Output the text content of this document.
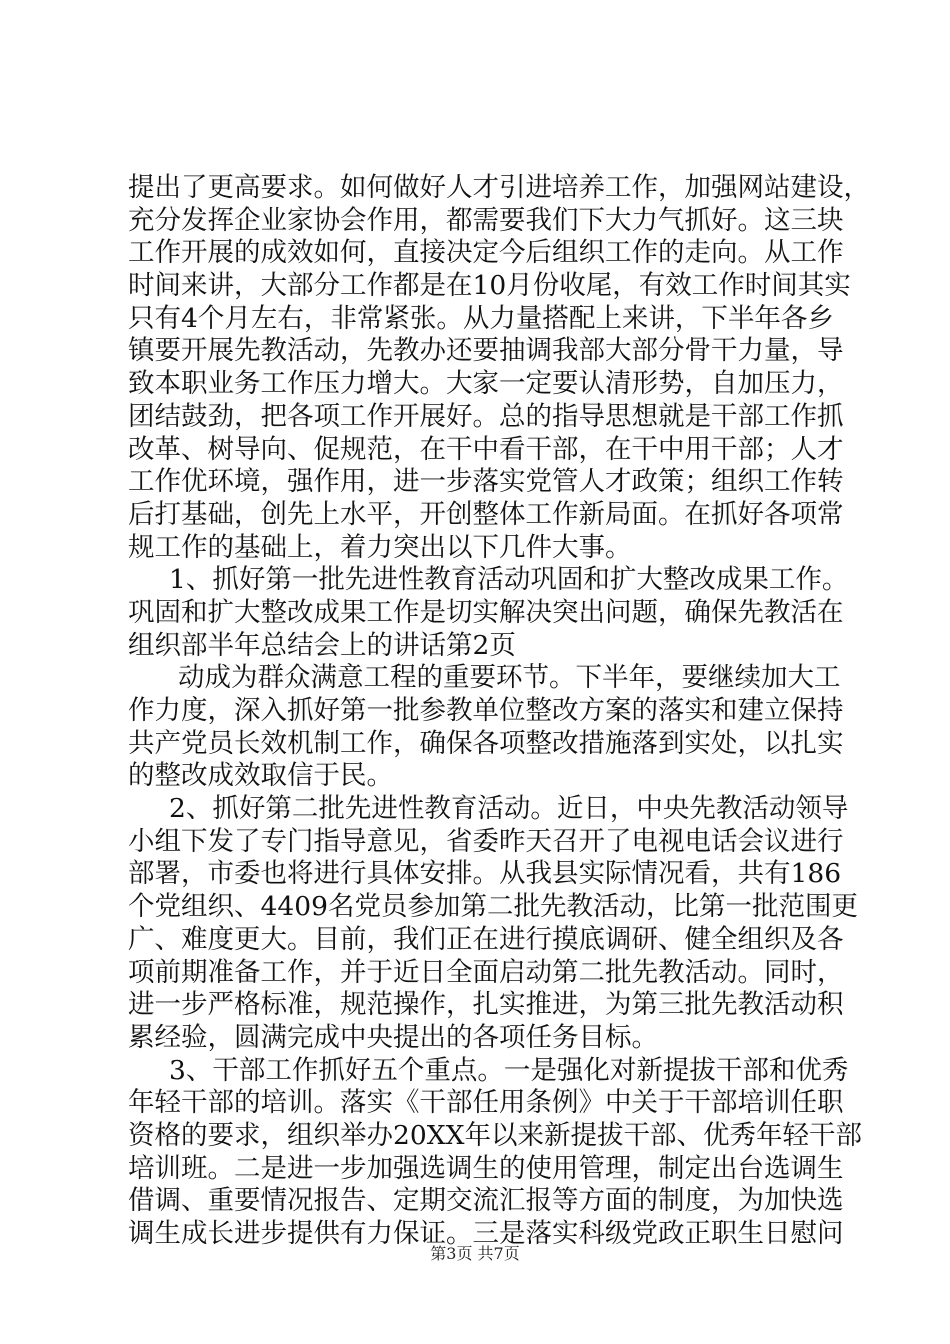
提出了更高要求。如何做好人才引进培养工作，加强网站建设，
充分发挥企业家协会作用，都需要我们下大力气抓好。这三块
工作开展的成效如何，直接决定今后组织工作的走向。从工作
时间来讲，大部分工作都是在10月份收尾，有效工作时间其实
只有4个月左右，非常紧张。从力量搭配上来讲，下半年各乡
镇要开展先教活动，先教办还要抽调我部大部分骨干力量，导
致本职业务工作压力增大。大家一定要认清形势，自加压力，
团结鼓劲，把各项工作开展好。总的指导思想就是干部工作抓
改革、树导向、促规范，在干中看干部，在干中用干部；人才
工作优环境，强作用，进一步落实党管人才政策；组织工作转
后打基础，创先上水平，开创整体工作新局面。在抓好各项常
规工作的基础上，着力突出以下几件大事。
1、抓好第一批先进性教育活动巩固和扩大整改成果工作。
巩固和扩大整改成果工作是切实解决突出问题，确保先教活在
组织部半年总结会上的讲话第2页
动成为群众满意工程的重要环节。下半年，要继续加大工
作力度，深入抓好第一批参教单位整改方案的落实和建立保持
共产党员长效机制工作，确保各项整改措施落到实处，以扎实
的整改成效取信于民。
2、抓好第二批先进性教育活动。近日，中央先教活动领导
小组下发了专门指导意见，省委昨天召开了电视电话会议进行
部署，市委也将进行具体安排。从我县实际情况看，共有186
个党组织、4409名党员参加第二批先教活动，比第一批范围更
广、难度更大。目前，我们正在进行摸底调研、健全组织及各
项前期准备工作，并于近日全面启动第二批先教活动。同时，
进一步严格标准，规范操作，扎实推进，为第三批先教活动积
累经验，圆满完成中央提出的各项任务目标。
3、干部工作抓好五个重点。一是强化对新提拔干部和优秀
年轻干部的培训。落实《干部任用条例》中关于干部培训任职
资格的要求，组织举办20XX年以来新提拔干部、优秀年轻干部
培训班。二是进一步加强选调生的使用管理，制定出台选调生
借调、重要情况报告、定期交流汇报等方面的制度，为加快选
调生成长进步提供有力保证。三是落实科级党政正职生日慰问
第3页 共7页
